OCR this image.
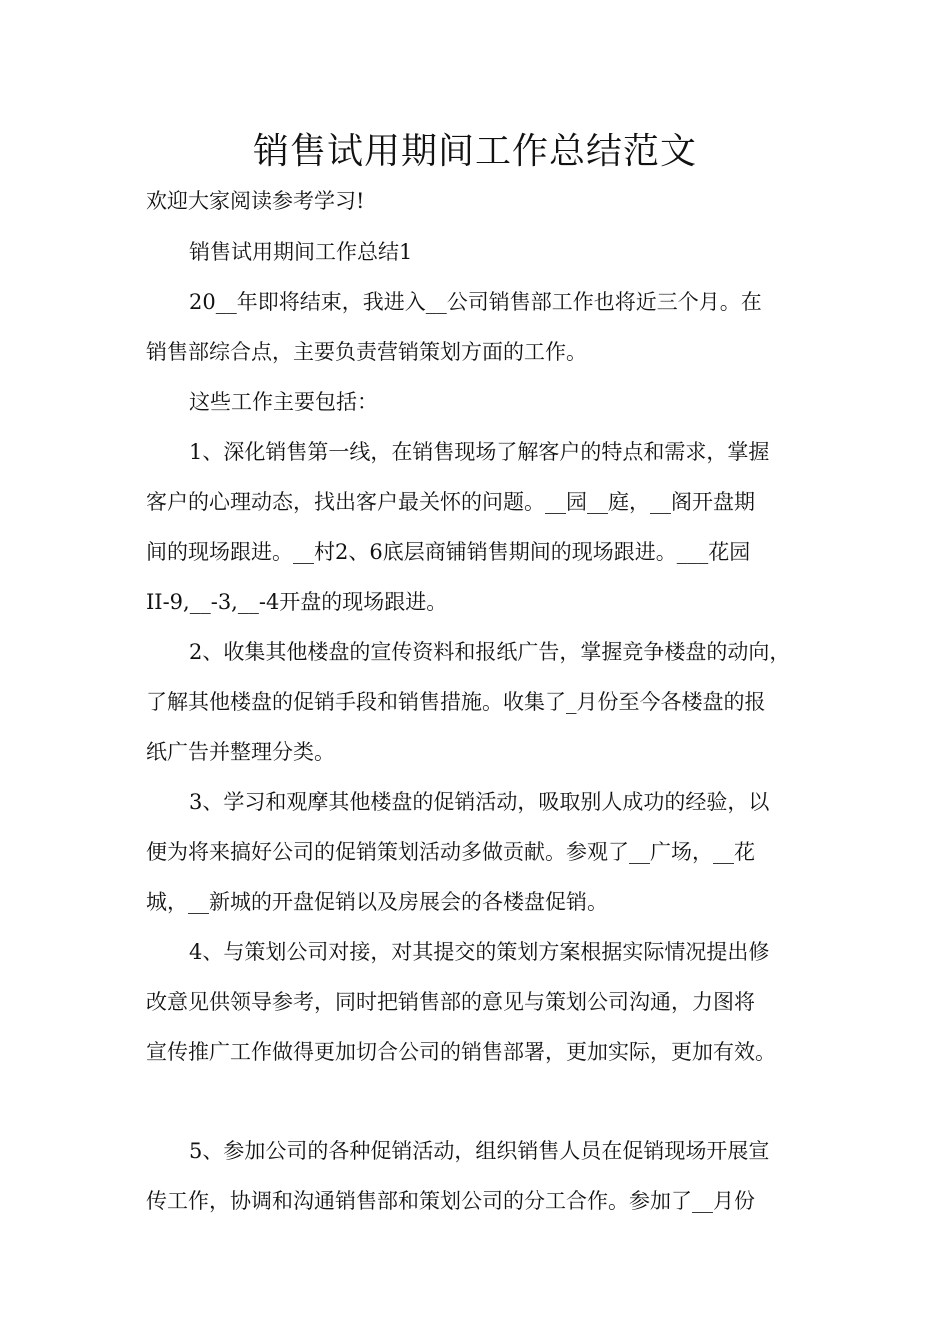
销售试用期间工作总结范文
欢迎大家阅读参考学习!
销售试用期间工作总结1
20__年即将结束，我进入__公司销售部工作也将近三个月。在
销售部综合点，主要负责营销策划方面的工作。
这些工作主要包括：
1、深化销售第一线，在销售现场了解客户的特点和需求，掌握
客户的心理动态，找出客户最关怀的问题。__园__庭，__阁开盘期
间的现场跟进。__村2、6底层商铺销售期间的现场跟进。___花园
II-9,__-3,__-4开盘的现场跟进。
2、收集其他楼盘的宣传资料和报纸广告，掌握竞争楼盘的动向，
了解其他楼盘的促销手段和销售措施。收集了_月份至今各楼盘的报
纸广告并整理分类。
3、学习和观摩其他楼盘的促销活动，吸取别人成功的经验，以
便为将来搞好公司的促销策划活动多做贡献。参观了__广场，__花
城，__新城的开盘促销以及房展会的各楼盘促销。
4、与策划公司对接，对其提交的策划方案根据实际情况提出修
改意见供领导参考，同时把销售部的意见与策划公司沟通，力图将
宣传推广工作做得更加切合公司的销售部署，更加实际，更加有效。
5、参加公司的各种促销活动，组织销售人员在促销现场开展宣
传工作，协调和沟通销售部和策划公司的分工合作。参加了__月份
